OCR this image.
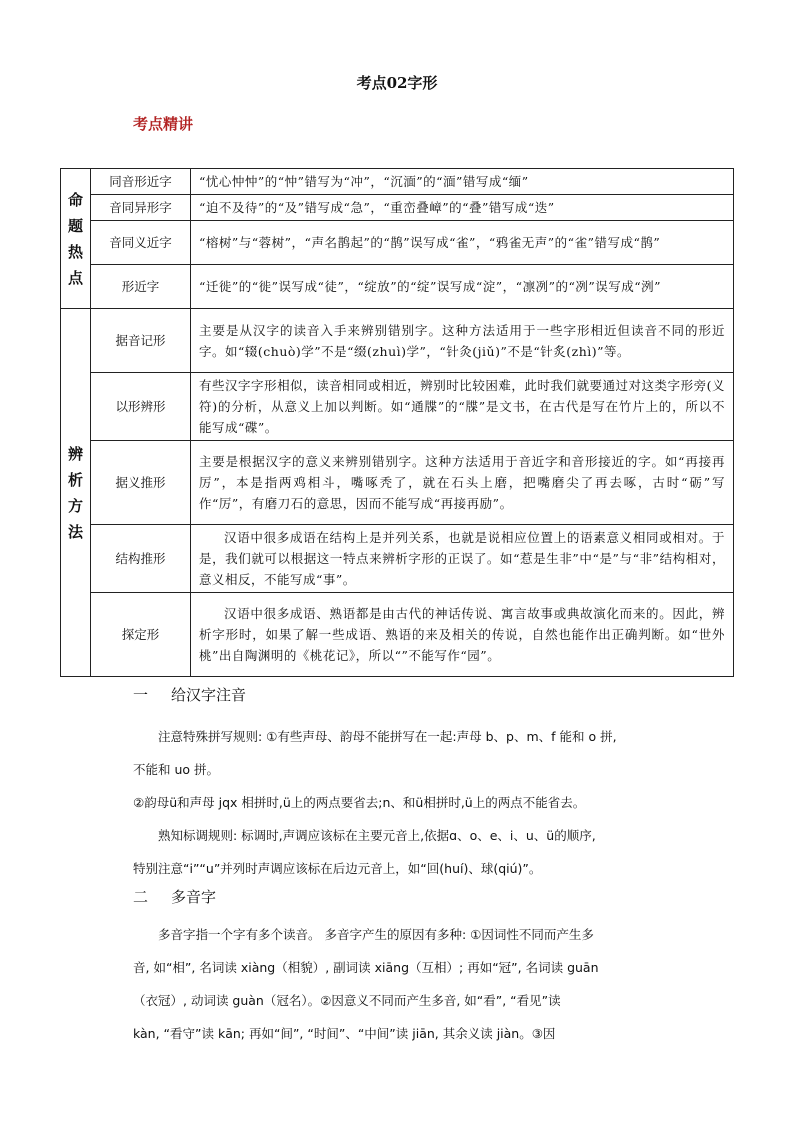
考点02字形
考点精讲
命题热点	同音形近字	“忧心忡忡”的“忡”错写为“冲”，“沉湎”的“湎”错写成“缅”
	音同异形字	“迫不及待”的“及”错写成“急”，“重峦叠嶂”的“叠”错写成“迭”
	音同义近字	“榕树”与“蓉树”，“声名鹊起”的“鹊”误写成“雀”，“鸦雀无声”的“雀”错写成“鹊”
	形近字	“迁徙”的“徙”误写成“徒”，“绽放”的“绽”误写成“淀”，“凛冽”的“冽”误写成“洌”

辨析方法	据音记形	主要是从汉字的读音入手来辨别错别字。这种方法适用于一些字形相近但读音不同的形近字。如“辍(chuò)学”不是“缀(zhuì)学”，“针灸(jiǔ)”不是“针炙(zhì)”等。
	以形辨形	有些汉字字形相似，读音相同或相近，辨别时比较困难，此时我们就要通过对这类字形旁(义符)的分析，从意义上加以判断。如“通牒”的“牒”是文书，在古代是写在竹片上的，所以不能写成“碟”。
	据义推形	主要是根据汉字的意义来辨别错别字。这种方法适用于音近字和音形接近的字。如“再接再厉”，本是指两鸡相斗，嘴啄秃了，就在石头上磨，把嘴磨尖了再去啄，古时“砺”写作“厉”，有磨刀石的意思，因而不能写成“再接再励”。
	结构推形	汉语中很多成语在结构上是并列关系，也就是说相应位置上的语素意义相同或相对。于是，我们就可以根据这一特点来辨析字形的正误了。如“惹是生非”中“是”与“非”结构相对，意义相反，不能写成“事”。
	探定形	汉语中很多成语、熟语都是由古代的神话传说、寓言故事或典故演化而来的。因此，辨析字形时，如果了解一些成语、熟语的来及相关的传说，自然也能作出正确判断。如“世外桃”出自陶渊明的《桃花记》，所以“”不能写作“园”。
一 给汉字注音

注意特殊拼写规则: ①有些声母、韵母不能拼写在一起:声母 b、p、m、f 能和 o 拼,

不能和 uo 拼。

②韵母ü和声母 jqx 相拼时,ü上的两点要省去;n、和ü相拼时,ü上的两点不能省去。

熟知标调规则: 标调时,声调应该标在主要元音上,依据ɑ、o、e、i、u、ü的顺序,

特别注意“i”“u”并列时声调应该标在后边元音上，如“回(huí)、球(qiú)”。

二 多音字

多音字指一个字有多个读音。 多音字产生的原因有多种: ①因词性不同而产生多

音, 如“相”, 名词读 xiàng（相貌）, 副词读 xiāng（互相）; 再如“冠”, 名词读 guān

（衣冠）, 动词读 guàn（冠名）。②因意义不同而产生多音, 如“看”, “看见”读

kàn, “看守”读 kān; 再如“间”, “时间”、“中间”读 jiān, 其余义读 jiàn。③因
